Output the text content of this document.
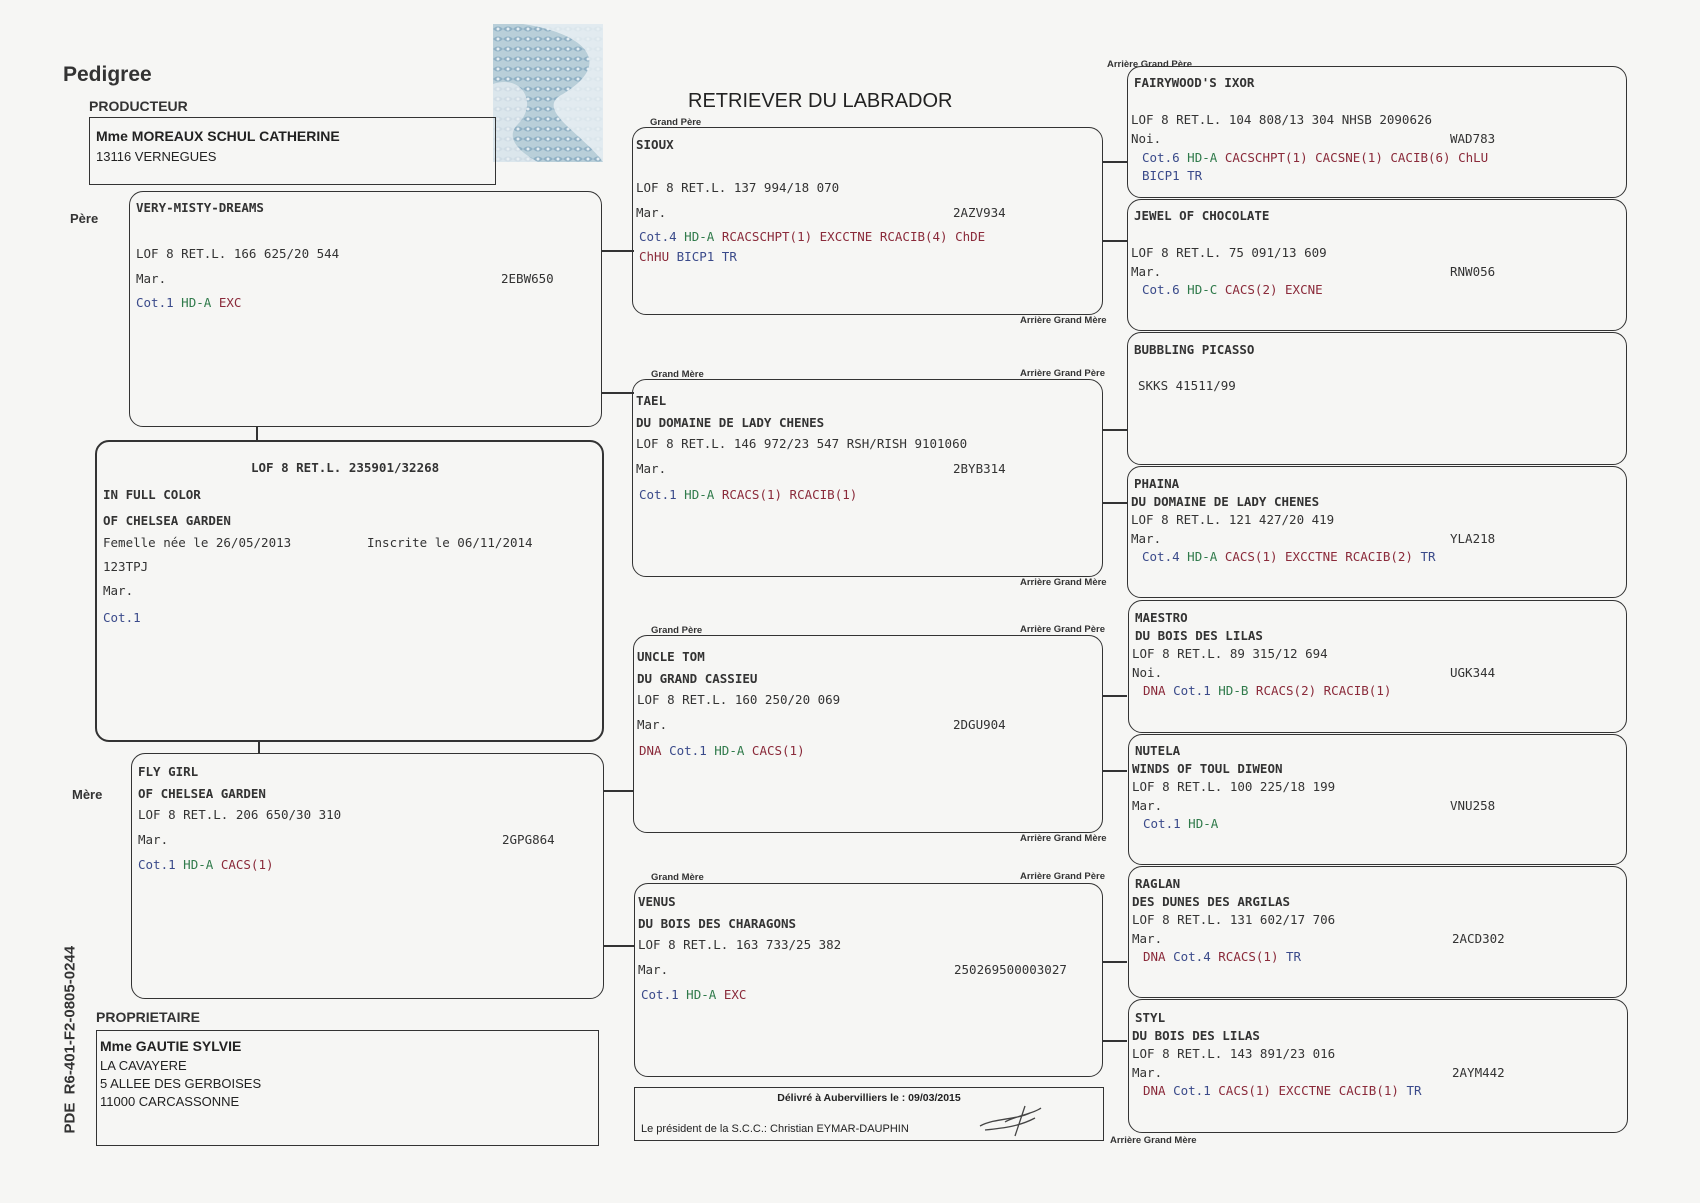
Pedigree
RETRIEVER DU LABRADOR
PRODUCTEUR
Mme MOREAUX SCHUL CATHERINE
13116 VERNEGUES
Père
Mère
PDE  R6-401-F2-0805-0244
VERY-MISTY-DREAMS
LOF 8 RET.L. 166 625/20 544
Mar.	2EBW650
Cot.1 HD-A EXC
LOF 8 RET.L. 235901/32268
IN FULL COLOR
OF CHELSEA GARDEN
Femelle née le 26/05/2013	Inscrite le 06/11/2014
123TPJ
Mar.
Cot.1
FLY GIRL
OF CHELSEA GARDEN
LOF 8 RET.L. 206 650/30 310
Mar.	2GPG864
Cot.1 HD-A CACS(1)
PROPRIETAIRE
Mme GAUTIE SYLVIE
LA CAVAYERE
5 ALLEE DES GERBOISES
11000 CARCASSONNE
Grand Père
SIOUX
LOF 8 RET.L. 137 994/18 070
Mar.	2AZV934
Cot.4 HD-A RCACSCHPT(1) EXCCTNE RCACIB(4) ChDE
ChHU BICP1 TR
Arrière Grand Mère
Grand Mère	Arrière Grand Père
TAEL
DU DOMAINE DE LADY CHENES
LOF 8 RET.L. 146 972/23 547 RSH/RISH 9101060
Mar.	2BYB314
Cot.1 HD-A RCACS(1) RCACIB(1)
Arrière Grand Mère
Grand Père	Arrière Grand Père
UNCLE TOM
DU GRAND CASSIEU
LOF 8 RET.L. 160 250/20 069
Mar.	2DGU904
DNA Cot.1 HD-A CACS(1)
Arrière Grand Mère
Grand Mère	Arrière Grand Père
VENUS
DU BOIS DES CHARAGONS
LOF 8 RET.L. 163 733/25 382
Mar.	250269500003027
Cot.1 HD-A EXC
Délivré à Aubervilliers le : 09/03/2015
Le président de la S.C.C.: Christian EYMAR-DAUPHIN
Arrière Grand Père
FAIRYWOOD'S IXOR
LOF 8 RET.L. 104 808/13 304 NHSB 2090626
Noi.	WAD783
Cot.6 HD-A CACSCHPT(1) CACSNE(1) CACIB(6) ChLU
BICP1 TR
JEWEL OF CHOCOLATE
LOF 8 RET.L. 75 091/13 609
Mar.	RNW056
Cot.6 HD-C CACS(2) EXCNE
BUBBLING PICASSO
SKKS 41511/99
PHAINA
DU DOMAINE DE LADY CHENES
LOF 8 RET.L. 121 427/20 419
Mar.	YLA218
Cot.4 HD-A CACS(1) EXCCTNE RCACIB(2) TR
MAESTRO
DU BOIS DES LILAS
LOF 8 RET.L. 89 315/12 694
Noi.	UGK344
DNA Cot.1 HD-B RCACS(2) RCACIB(1)
NUTELA
WINDS OF TOUL DIWEON
LOF 8 RET.L. 100 225/18 199
Mar.	VNU258
Cot.1 HD-A
RAGLAN
DES DUNES DES ARGILAS
LOF 8 RET.L. 131 602/17 706
Mar.	2ACD302
DNA Cot.4 RCACS(1) TR
STYL
DU BOIS DES LILAS
LOF 8 RET.L. 143 891/23 016
Mar.	2AYM442
DNA Cot.1 CACS(1) EXCCTNE CACIB(1) TR
Arrière Grand Mère
